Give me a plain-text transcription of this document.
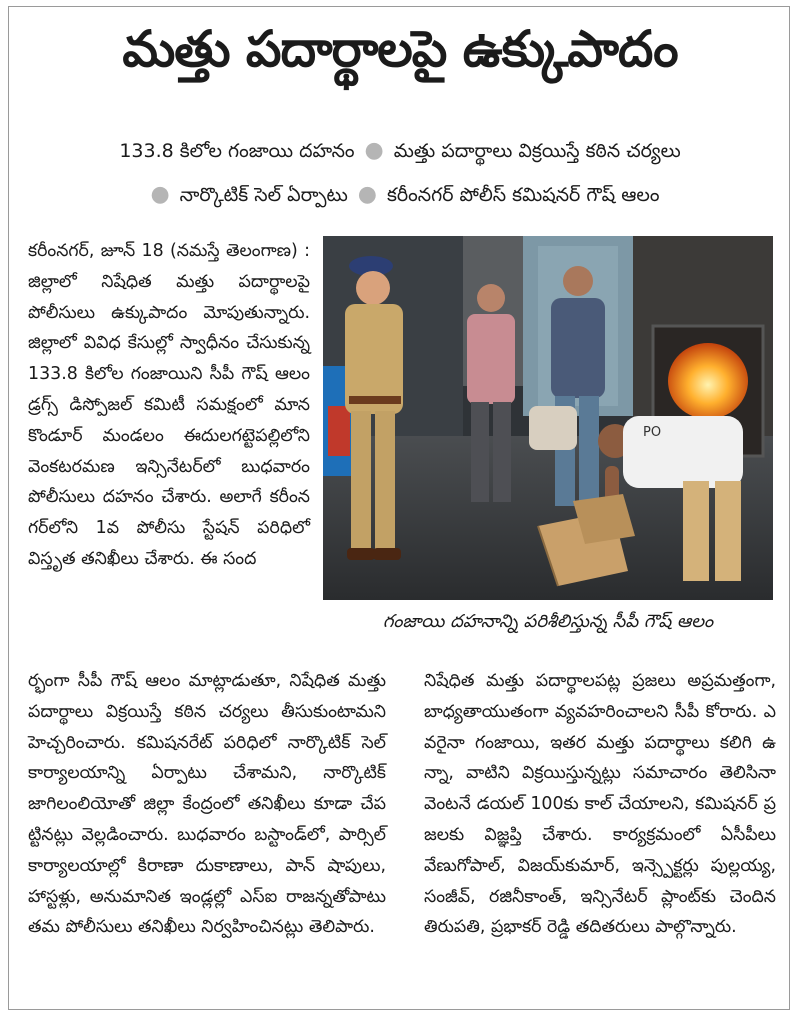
మత్తు పదార్థాలపై ఉక్కుపాదం
133.8 కిలోల గంజాయి దహనం ● మత్తు పదార్థాలు విక్రయిస్తే కఠిన చర్యలు
● నార్కొటిక్ సెల్ ఏర్పాటు ● కరీంనగర్ పోలీస్ కమిషనర్ గౌష్ ఆలం
కరీంనగర్, జూన్ 18 (నమస్తే తెలంగాణ) : జిల్లాలో నిషేధిత మత్తు పదార్థాలపై పోలీసులు ఉక్కుపాదం మోపుతున్నారు. జిల్లాలో వివిధ కేసుల్లో స్వాధీనం చేసుకున్న 133.8 కిలోల గంజాయిని సీపీ గౌష్ ఆలం డ్రగ్స్ డిస్పోజల్ కమిటీ సమక్షంలో మానకొండూర్ మండలం ఈదులగట్టెపల్లిలోని వెంకటరమణ ఇన్సినేటర్‌లో బుధవారం పోలీసులు దహనం చేశారు. అలాగే కరీంనగర్‌లోని 1వ పోలీసు స్టేషన్ పరిధిలో విస్తృత తనిఖీలు చేశారు. ఈ సంద
PO
గంజాయి దహనాన్ని పరిశీలిస్తున్న సీపీ గౌష్ ఆలం
ర్భంగా సీపీ గౌష్ ఆలం మాట్లాడుతూ, నిషేధిత మత్తు పదార్థాలు విక్రయిస్తే కఠిన చర్యలు తీసుకుంటామని హెచ్చరించారు. కమిషనరేట్ పరిధిలో నార్కొటిక్ సెల్ కార్యాలయాన్ని ఏర్పాటు చేశామని, నార్కొటిక్ జాగిలంలియోతో జిల్లా కేంద్రంలో తనిఖీలు కూడా చేపట్టినట్లు వెల్లడించారు. బుధవారం బస్టాండ్‌లో, పార్సిల్ కార్యాలయాల్లో కిరాణా దుకాణాలు, పాన్ షాపులు, హాస్టళ్లు, అనుమానిత ఇండ్లల్లో ఎస్ఐ రాజన్నతోపాటు తమ పోలీసులు తనిఖీలు నిర్వహించినట్లు తెలిపారు.
నిషేధిత మత్తు పదార్థాలపట్ల ప్రజలు అప్రమత్తంగా, బాధ్యతాయుతంగా వ్యవహరించాలని సీపీ కోరారు. ఎవరైనా గంజాయి, ఇతర మత్తు పదార్థాలు కలిగి ఉన్నా, వాటిని విక్రయిస్తున్నట్లు సమాచారం తెలిసినా వెంటనే డయల్ 100కు కాల్ చేయాలని, కమిషనర్ ప్రజలకు విజ్ఞప్తి చేశారు. కార్యక్రమంలో ఏసీపీలు వేణుగోపాల్, విజయ్‌కుమార్, ఇన్స్పెక్టర్లు పుల్లయ్య, సంజీవ్, రజినీకాంత్, ఇన్సినేటర్ ప్లాంట్‌కు చెందిన తిరుపతి, ప్రభాకర్ రెడ్డి తదితరులు పాల్గొన్నారు.
